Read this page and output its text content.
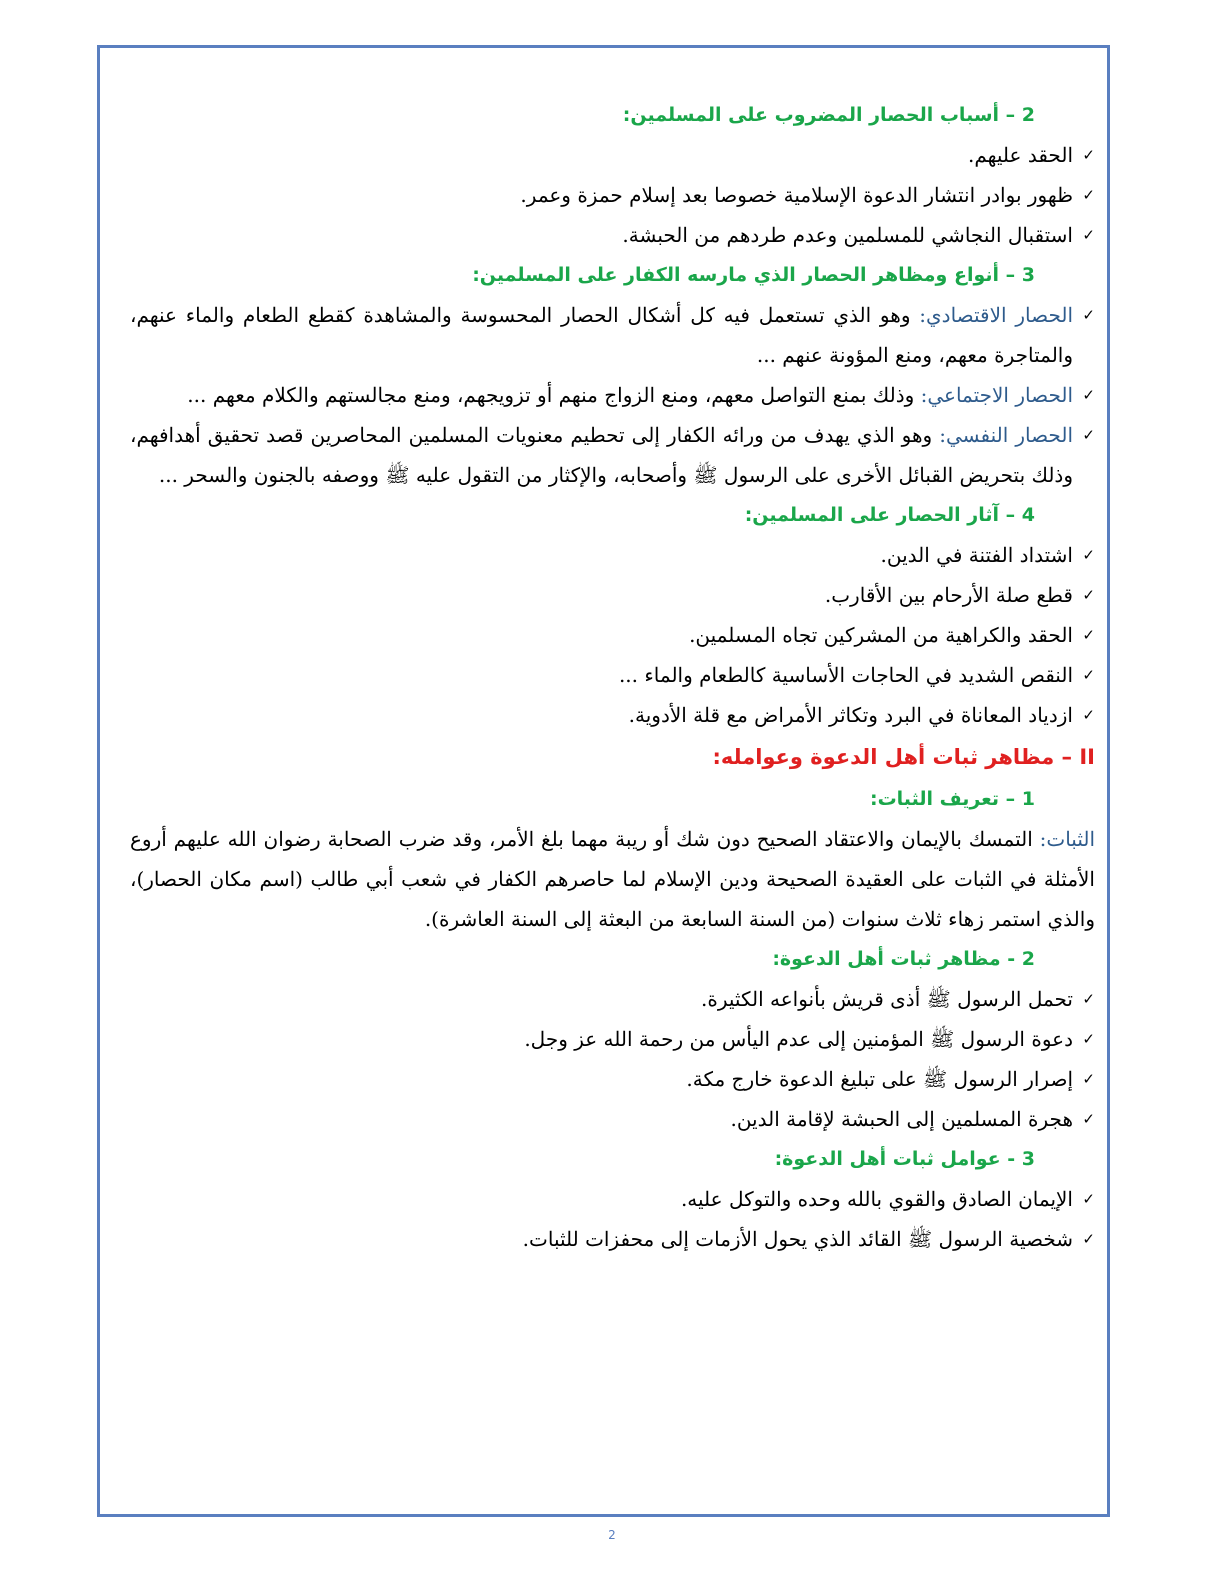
2 – أسباب الحصار المضروب على المسلمين:
✓
الحقد عليهم.
✓
ظهور بوادر انتشار الدعوة الإسلامية خصوصا بعد إسلام حمزة وعمر.
✓
استقبال النجاشي للمسلمين وعدم طردهم من الحبشة.
3 – أنواع ومظاهر الحصار الذي مارسه الكفار على المسلمين:
✓
الحصار الاقتصادي: وهو الذي تستعمل فيه كل أشكال الحصار المحسوسة والمشاهدة كقطع الطعام والماء عنهم، والمتاجرة معهم، ومنع المؤونة عنهم ...
✓
الحصار الاجتماعي: وذلك بمنع التواصل معهم، ومنع الزواج منهم أو تزويجهم، ومنع مجالستهم والكلام معهم ...
✓
الحصار النفسي: وهو الذي يهدف من ورائه الكفار إلى تحطيم معنويات المسلمين المحاصرين قصد تحقيق أهدافهم، وذلك بتحريض القبائل الأخرى على الرسول ﷺ وأصحابه، والإكثار من التقول عليه ﷺ ووصفه بالجنون والسحر ...
4 – آثار الحصار على المسلمين:
✓
اشتداد الفتنة في الدين.
✓
قطع صلة الأرحام بين الأقارب.
✓
الحقد والكراهية من المشركين تجاه المسلمين.
✓
النقص الشديد في الحاجات الأساسية كالطعام والماء ...
✓
ازدياد المعاناة في البرد وتكاثر الأمراض مع قلة الأدوية.
II – مظاهر ثبات أهل الدعوة وعوامله:
1 – تعريف الثبات:
الثبات: التمسك بالإيمان والاعتقاد الصحيح دون شك أو ريبة مهما بلغ الأمر، وقد ضرب الصحابة رضوان الله عليهم أروع الأمثلة في الثبات على العقيدة الصحيحة ودين الإسلام لما حاصرهم الكفار في شعب أبي طالب (اسم مكان الحصار)، والذي استمر زهاء ثلاث سنوات (من السنة السابعة من البعثة إلى السنة العاشرة).
2 - مظاهر ثبات أهل الدعوة:
✓
تحمل الرسول ﷺ أذى قريش بأنواعه الكثيرة.
✓
دعوة الرسول ﷺ المؤمنين إلى عدم اليأس من رحمة الله عز وجل.
✓
إصرار الرسول ﷺ على تبليغ الدعوة خارج مكة.
✓
هجرة المسلمين إلى الحبشة لإقامة الدين.
3 - عوامل ثبات أهل الدعوة:
✓
الإيمان الصادق والقوي بالله وحده والتوكل عليه.
✓
شخصية الرسول ﷺ القائد الذي يحول الأزمات إلى محفزات للثبات.
2
